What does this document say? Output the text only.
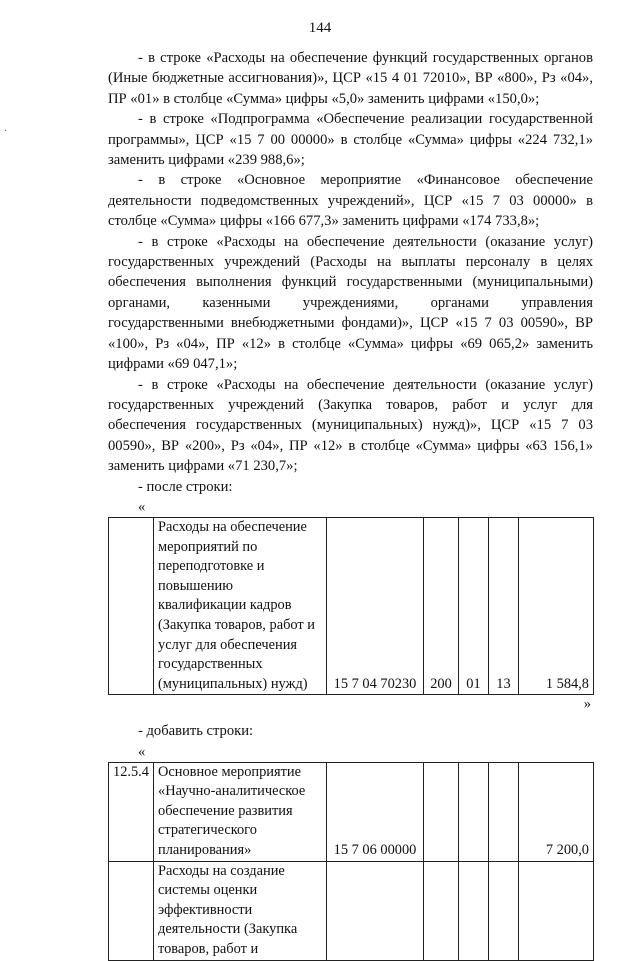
144
·

- в строке «Расходы на обеспечение функций государственных органов (Иные бюджетные ассигнования)», ЦСР «15 4 01 72010», ВР «800», Рз «04», ПР «01» в столбце «Сумма» цифры «5,0» заменить цифрами «150,0»;

- в строке «Подпрограмма «Обеспечение реализации государственной программы», ЦСР «15 7 00 00000» в столбце «Сумма» цифры «224 732,1» заменить цифрами «239 988,6»;

- в строке «Основное мероприятие «Финансовое обеспечение деятельности подведомственных учреждений», ЦСР «15 7 03 00000» в столбце «Сумма» цифры «166 677,3» заменить цифрами «174 733,8»;

- в строке «Расходы на обеспечение деятельности (оказание услуг) государственных учреждений (Расходы на выплаты персоналу в целях обеспечения выполнения функций государственными (муниципальными) органами, казенными учреждениями, органами управления государственными внебюджетными фондами)», ЦСР «15 7 03 00590», ВР «100», Рз «04», ПР «12» в столбце «Сумма» цифры «69 065,2» заменить цифрами «69 047,1»;

- в строке «Расходы на обеспечение деятельности (оказание услуг) государственных учреждений (Закупка товаров, работ и услуг для обеспечения государственных (муниципальных) нужд)», ЦСР «15 7 03 00590», ВР «200», Рз «04», ПР «12» в столбце «Сумма» цифры «63 156,1» заменить цифрами «71 230,7»;

- после строки:

«

	Расходы на обеспечение мероприятий по переподготовке и повышению квалификации кадров (Закупка товаров, работ и услуг для обеспечения государственных (муниципальных) нужд)	15 7 04 70230	200	01	13	1 584,8

»

- добавить строки:

«

12.5.4	Основное мероприятие «Научно-аналитическое обеспечение развития стратегического планирования»	15 7 06 00000				7 200,0
	Расходы на создание системы оценки эффективности деятельности (Закупка товаров, работ и					
